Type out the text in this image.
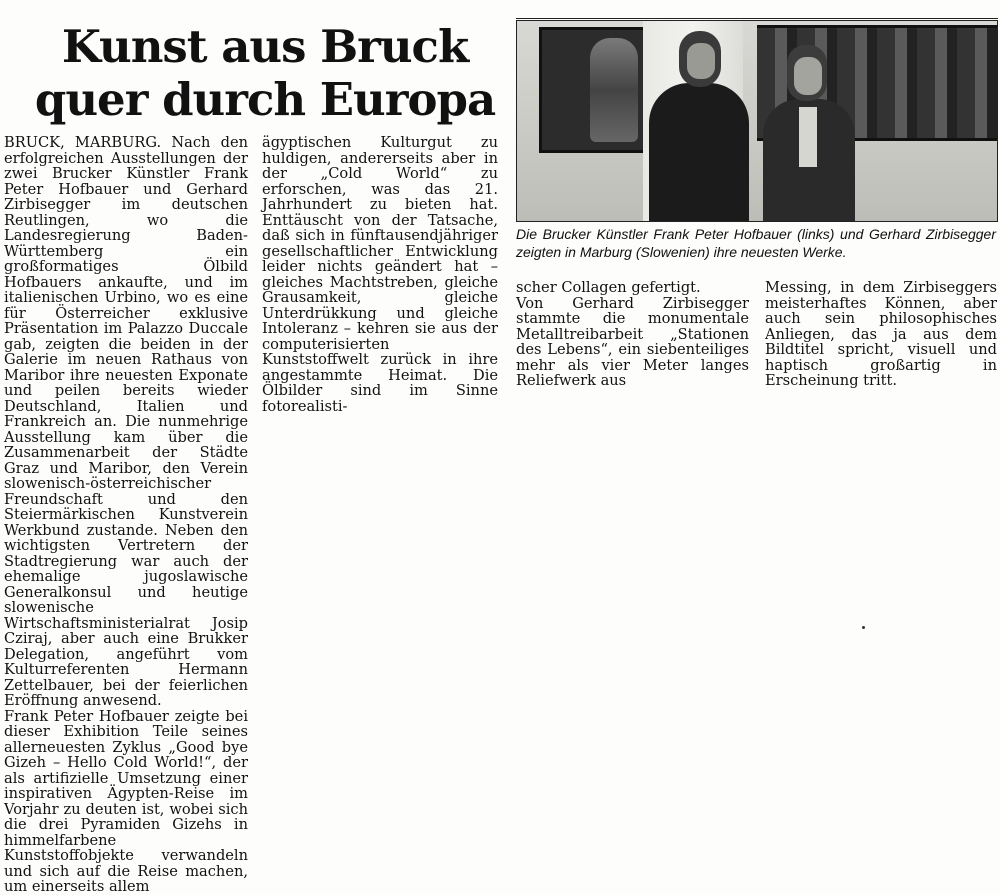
Kunst aus Bruck
quer durch Europa

BRUCK, MARBURG. Nach den erfolgreichen Ausstellungen der zwei Brucker Künstler Frank Peter Hofbauer und Gerhard Zirbisegger im deutschen Reutlingen, wo die Landesregierung Baden-Württemberg ein großformatiges Ölbild Hofbauers ankaufte, und im italienischen Urbino, wo es eine für Österreicher exklusive Präsentation im Palazzo Duccale gab, zeigten die beiden in der Galerie im neuen Rathaus von Maribor ihre neuesten Exponate und peilen bereits wieder Deutschland, Italien und Frankreich an. Die nunmehrige Ausstellung kam über die Zusammenarbeit der Städte Graz und Maribor, den Verein slowenisch-österreichischer Freundschaft und den Steiermärkischen Kunstverein Werkbund zustande. Neben den wichtigsten Vertretern der Stadtregierung war auch der ehemalige jugoslawische Generalkonsul und heutige slowenische Wirtschaftsministerialrat Josip Cziraj, aber auch eine Brukker Delegation, angeführt vom Kulturreferenten Hermann Zettelbauer, bei der feierlichen Eröffnung anwesend.

Frank Peter Hofbauer zeigte bei dieser Exhibition Teile seines allerneuesten Zyklus „Good bye Gizeh – Hello Cold World!“, der als artifizielle Umsetzung einer inspirativen Ägypten-Reise im Vorjahr zu deuten ist, wobei sich die drei Pyramiden Gizehs in himmelfarbene Kunststoffobjekte verwandeln und sich auf die Reise machen, um einerseits allem

ägyptischen Kulturgut zu huldigen, andererseits aber in der „Cold World“ zu erforschen, was das 21. Jahrhundert zu bieten hat. Enttäuscht von der Tatsache, daß sich in fünftausendjähriger gesellschaftlicher Entwicklung leider nichts geändert hat – gleiches Machtstreben, gleiche Grausamkeit, gleiche Unterdrükkung und gleiche Intoleranz – kehren sie aus der computerisierten Kunststoffwelt zurück in ihre angestammte Heimat. Die Ölbilder sind im Sinne fotorealisti-

Die Brucker Künstler Frank Peter Hofbauer (links) und Gerhard Zirbisegger zeigten in Marburg (Slowenien) ihre neuesten Werke.

scher Collagen gefertigt.

Von Gerhard Zirbisegger stammte die monumentale Metalltreibarbeit „Stationen des Lebens“, ein siebenteiliges mehr als vier Meter langes Reliefwerk aus

Messing, in dem Zirbiseggers meisterhaftes Können, aber auch sein philosophisches Anliegen, das ja aus dem Bildtitel spricht, visuell und haptisch großartig in Erscheinung tritt.
